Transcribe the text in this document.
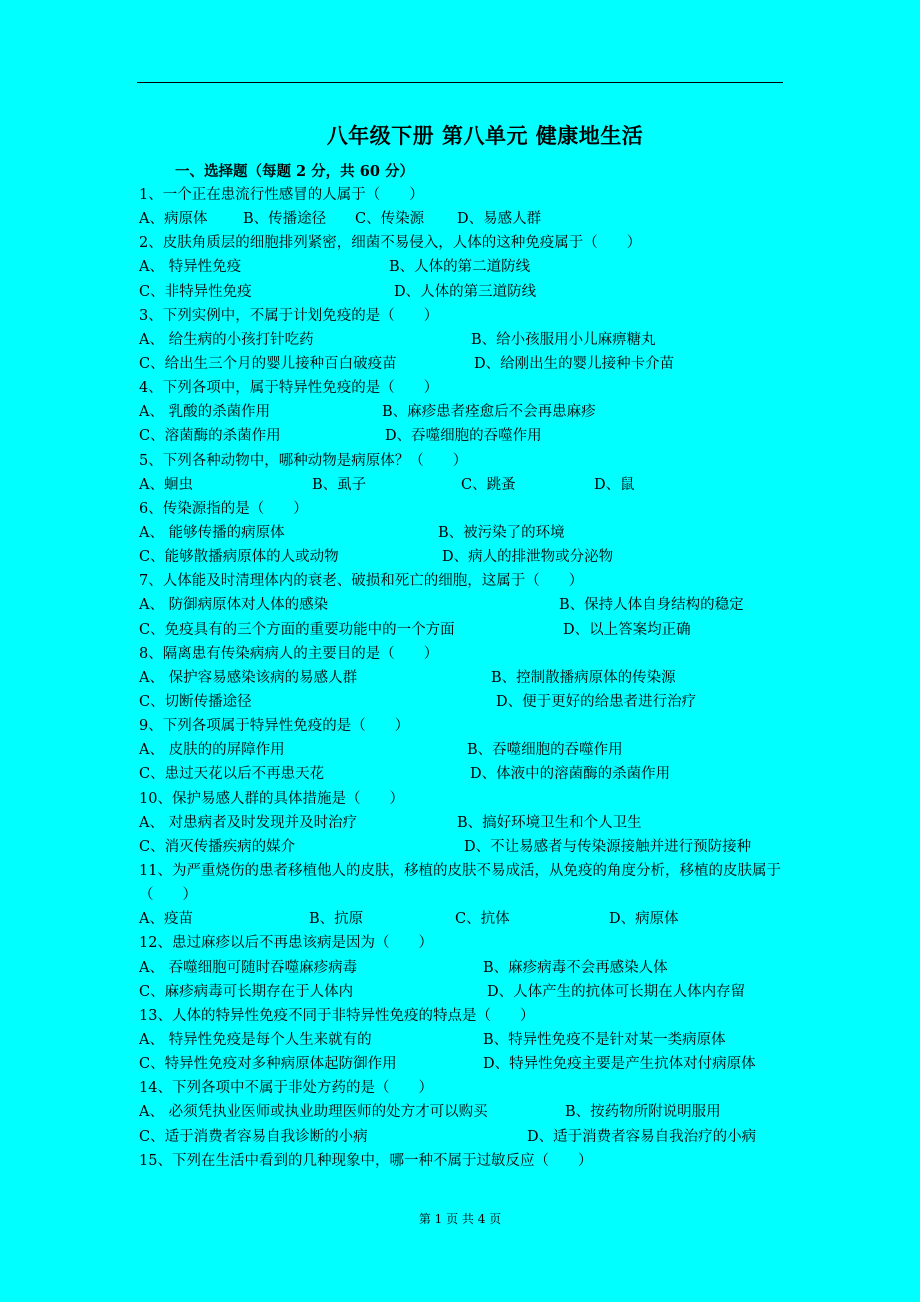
八年级下册 第八单元 健康地生活
一、选择题（每题 2 分，共 60 分）
1、一个正在患流行性感冒的人属于（　　）
A、病原体 B、传播途径 C、传染源 D、易感人群
2、皮肤角质层的细胞排列紧密，细菌不易侵入，人体的这种免疫属于（　　）
A、 特异性免疫	B、人体的第二道防线
C、非特异性免疫	D、人体的第三道防线
3、下列实例中，不属于计划免疫的是（　　）
A、 给生病的小孩打针吃药	B、给小孩服用小儿麻痹糖丸
C、给出生三个月的婴儿接种百白破疫苗	D、给刚出生的婴儿接种卡介苗
4、下列各项中，属于特异性免疫的是（　　）
A、 乳酸的杀菌作用	B、麻疹患者痊愈后不会再患麻疹
C、溶菌酶的杀菌作用	D、吞噬细胞的吞噬作用
5、下列各种动物中，哪种动物是病原体？（　　）
A、蛔虫	B、虱子	C、跳蚤	D、鼠
6、传染源指的是（　　）
A、 能够传播的病原体	B、被污染了的环境
C、能够散播病原体的人或动物	D、病人的排泄物或分泌物
7、人体能及时清理体内的衰老、破损和死亡的细胞，这属于（　　）
A、 防御病原体对人体的感染	B、保持人体自身结构的稳定
C、免疫具有的三个方面的重要功能中的一个方面	D、以上答案均正确
8、隔离患有传染病病人的主要目的是（　　）
A、 保护容易感染该病的易感人群	B、控制散播病原体的传染源
C、切断传播途径	D、便于更好的给患者进行治疗
9、下列各项属于特异性免疫的是（　　）
A、 皮肤的的屏障作用	B、吞噬细胞的吞噬作用
C、患过天花以后不再患天花	D、体液中的溶菌酶的杀菌作用
10、保护易感人群的具体措施是（　　）
A、 对患病者及时发现并及时治疗	B、搞好环境卫生和个人卫生
C、消灭传播疾病的媒介	D、不让易感者与传染源接触并进行预防接种
11、为严重烧伤的患者移植他人的皮肤，移植的皮肤不易成活，从免疫的角度分析，移植的皮肤属于（　　）
A、疫苗	B、抗原	C、抗体	D、病原体
12、患过麻疹以后不再患该病是因为（　　）
A、 吞噬细胞可随时吞噬麻疹病毒	B、麻疹病毒不会再感染人体
C、麻疹病毒可长期存在于人体内	D、人体产生的抗体可长期在人体内存留
13、人体的特异性免疫不同于非特异性免疫的特点是（　　）
A、 特异性免疫是每个人生来就有的	B、特异性免疫不是针对某一类病原体
C、特异性免疫对多种病原体起防御作用	D、特异性免疫主要是产生抗体对付病原体
14、下列各项中不属于非处方药的是（　　）
A、 必须凭执业医师或执业助理医师的处方才可以购买	B、按药物所附说明服用
C、适于消费者容易自我诊断的小病	D、适于消费者容易自我治疗的小病
15、下列在生活中看到的几种现象中，哪一种不属于过敏反应（　　）
第 1 页 共 4 页
